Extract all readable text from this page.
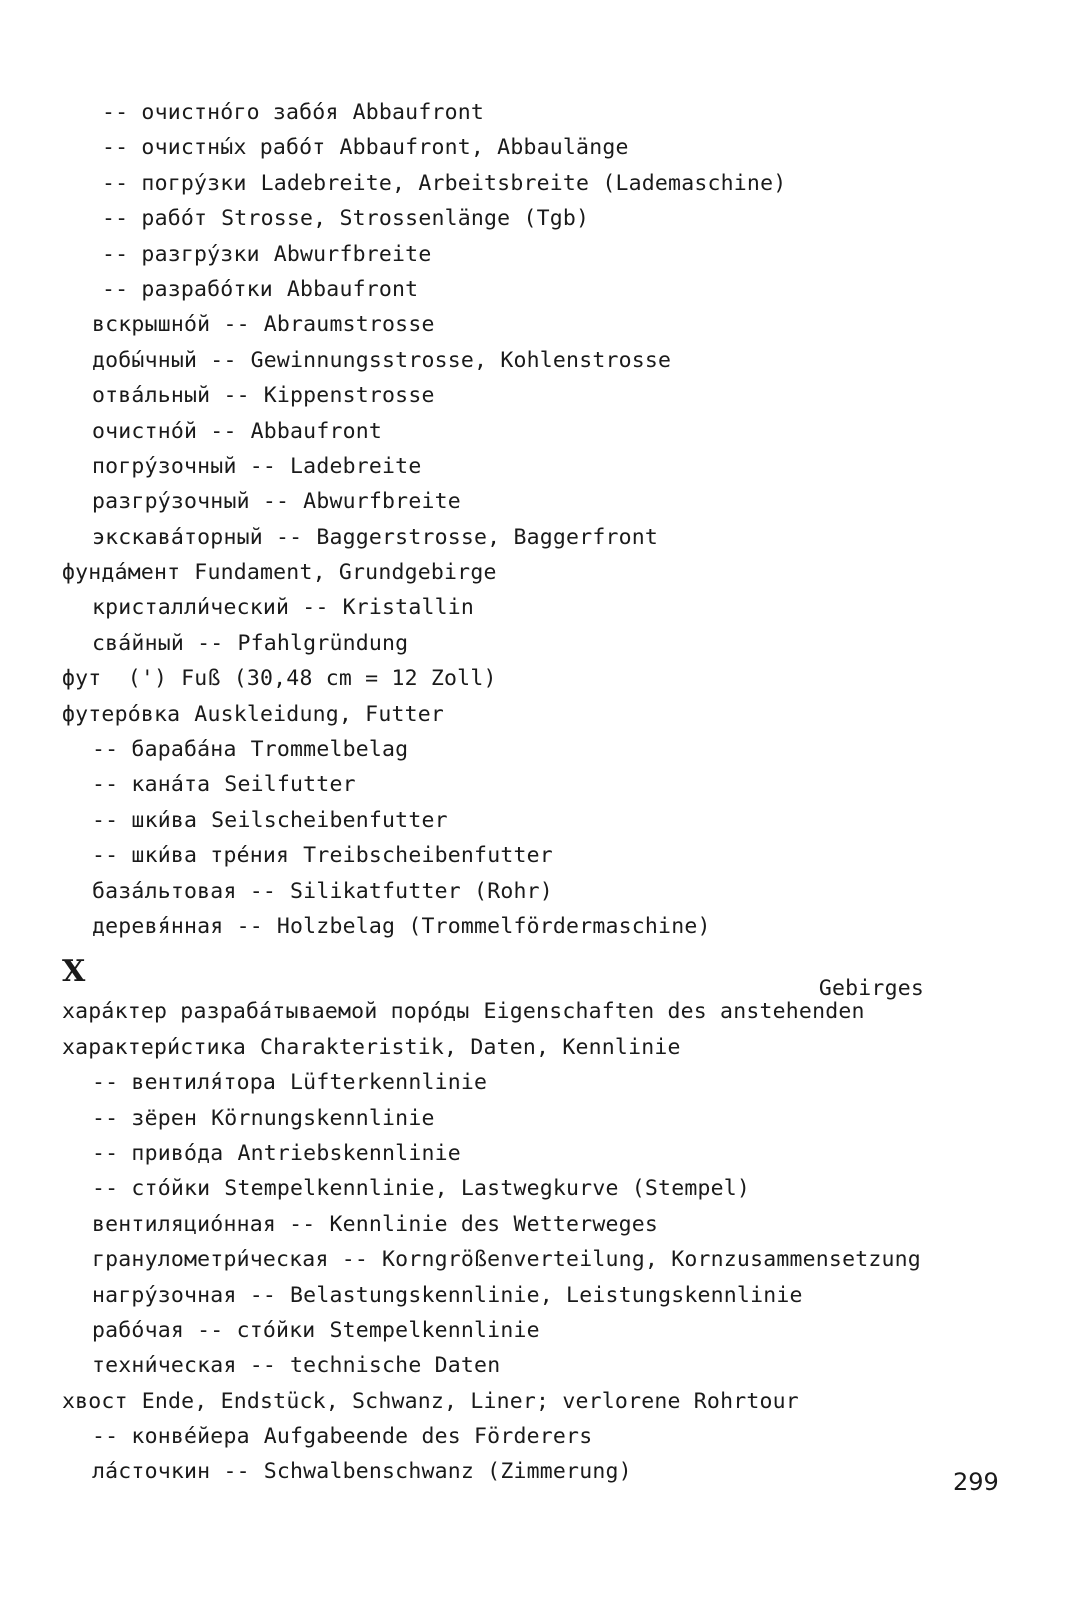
-- очистно́го забо́я Abbaufront
-- очистны́х рабо́т Abbaufront, Abbaulänge
-- погру́зки Ladebreite, Arbeitsbreite (Lademaschine)
-- рабо́т Strosse, Strossenlänge (Tgb)
-- разгру́зки Abwurfbreite
-- разрабо́тки Abbaufront
вскрышно́й -- Abraumstrosse
добы́чный -- Gewinnungsstrosse, Kohlenstrosse
отва́льный -- Kippenstrosse
очистно́й -- Abbaufront
погру́зочный -- Ladebreite
разгру́зочный -- Abwurfbreite
экскава́торный -- Baggerstrosse, Baggerfront
фунда́мент Fundament, Grundgebirge
кристалли́ческий -- Kristallin
сва́йный -- Pfahlgründung
фут  (') Fuß (30,48 cm = 12 Zoll)
футеро́вка Auskleidung, Futter
-- бараба́на Trommelbelag
-- кана́та Seilfutter
-- шки́ва Seilscheibenfutter
-- шки́ва тре́ния Treibscheibenfutter
база́льтовая -- Silikatfutter (Rohr)
деревя́нная -- Holzbelag (Trommelfördermaschine)
X
хара́ктер разраба́тываемой поро́ды Eigenschaften des anstehenden
Gebirges
характери́стика Charakteristik, Daten, Kennlinie
-- вентиля́тора Lüfterkennlinie
-- зёрен Körnungskennlinie
-- приво́да Antriebskennlinie
-- сто́йки Stempelkennlinie, Lastwegkurve (Stempel)
вентиляцио́нная -- Kennlinie des Wetterweges
гранулометри́ческая -- Korngrößenverteilung, Kornzusammensetzung
нагру́зочная -- Belastungskennlinie, Leistungskennlinie
рабо́чая -- сто́йки Stempelkennlinie
техни́ческая -- technische Daten
хвост Ende, Endstück, Schwanz, Liner; verlorene Rohrtour
-- конве́йера Aufgabeende des Förderers
ла́сточкин -- Schwalbenschwanz (Zimmerung)	299
